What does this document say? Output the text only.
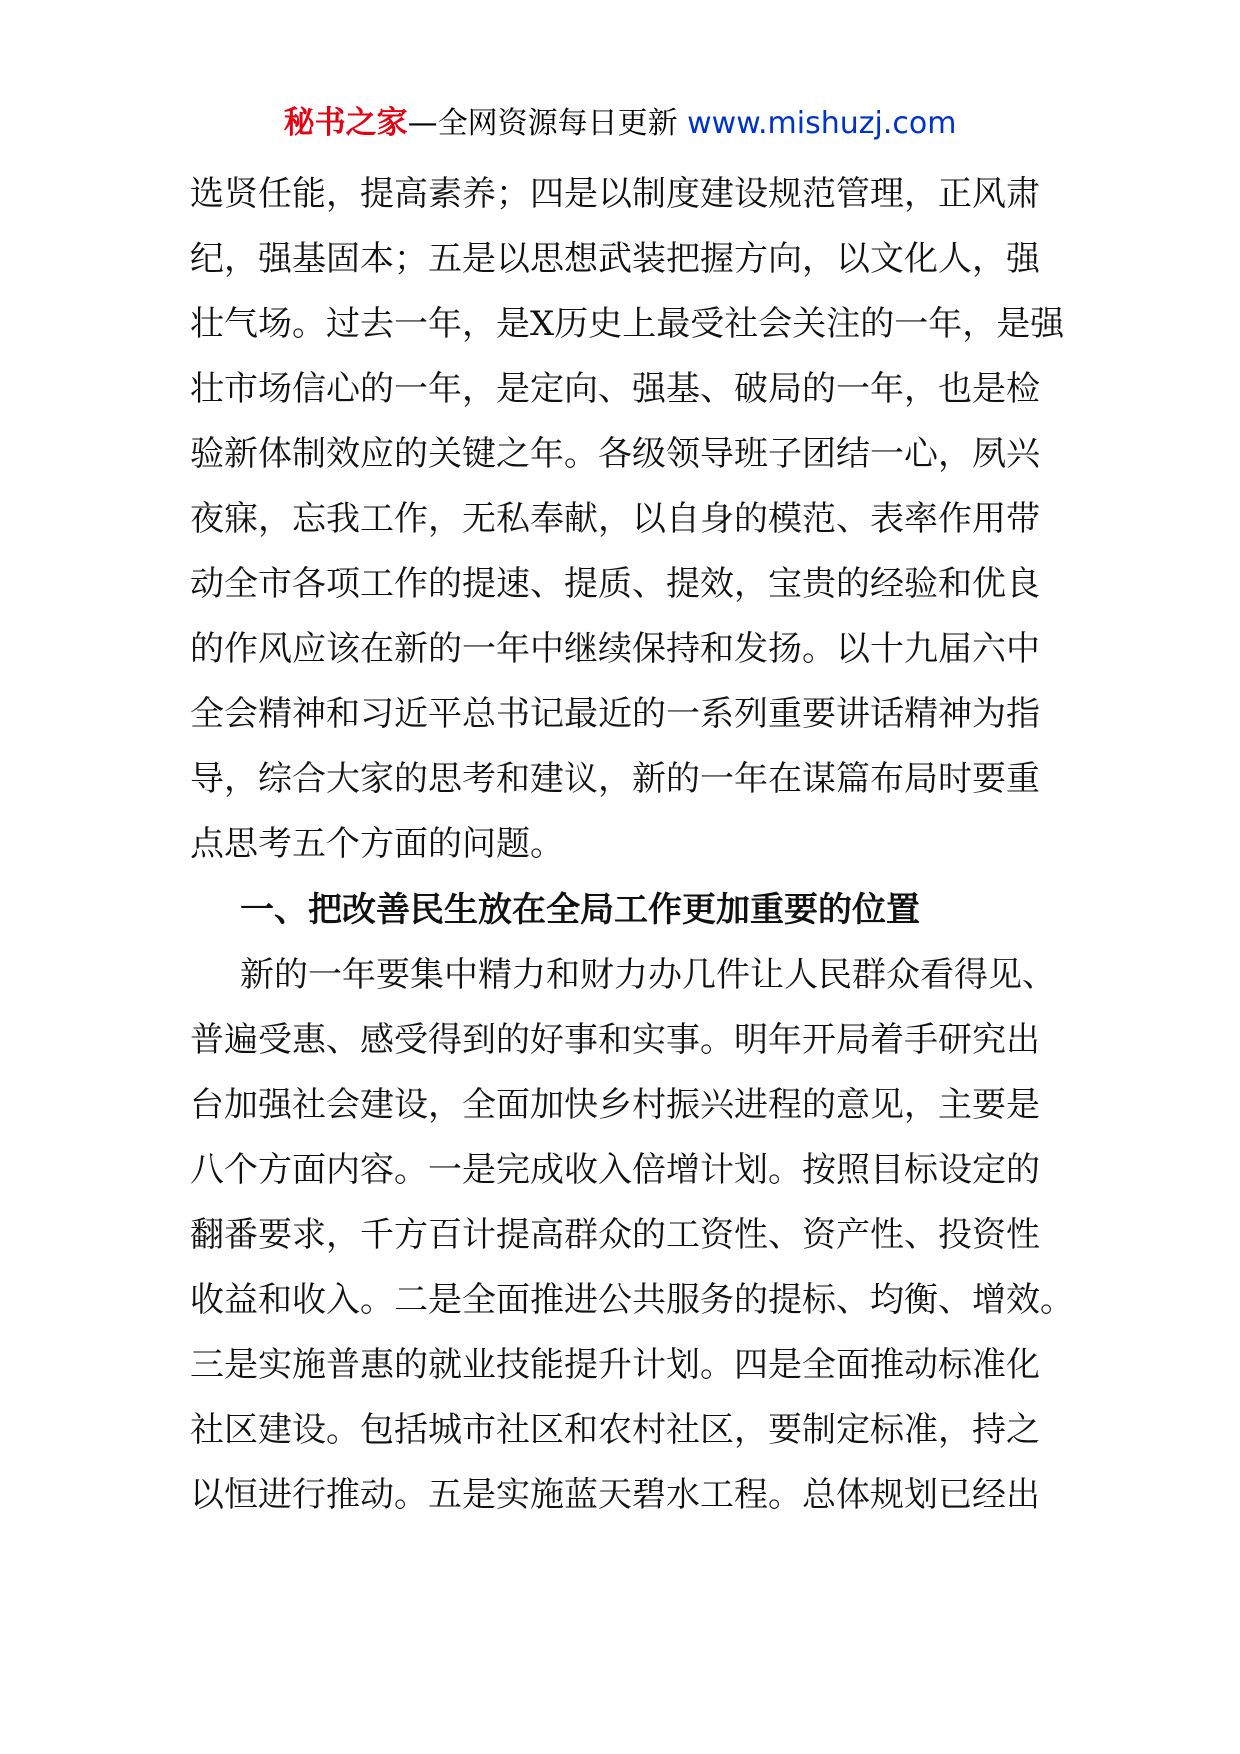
秘书之家—全网资源每日更新 www.mishuzj.com
选贤任能，提高素养；四是以制度建设规范管理，正风肃
纪，强基固本；五是以思想武装把握方向，以文化人，强
壮气场。过去一年，是X历史上最受社会关注的一年，是强
壮市场信心的一年，是定向、强基、破局的一年，也是检
验新体制效应的关键之年。各级领导班子团结一心，夙兴
夜寐，忘我工作，无私奉献，以自身的模范、表率作用带
动全市各项工作的提速、提质、提效，宝贵的经验和优良
的作风应该在新的一年中继续保持和发扬。以十九届六中
全会精神和习近平总书记最近的一系列重要讲话精神为指
导，综合大家的思考和建议，新的一年在谋篇布局时要重
点思考五个方面的问题。
一、把改善民生放在全局工作更加重要的位置
新的一年要集中精力和财力办几件让人民群众看得见、
普遍受惠、感受得到的好事和实事。明年开局着手研究出
台加强社会建设，全面加快乡村振兴进程的意见，主要是
八个方面内容。一是完成收入倍增计划。按照目标设定的
翻番要求，千方百计提高群众的工资性、资产性、投资性
收益和收入。二是全面推进公共服务的提标、均衡、增效。
三是实施普惠的就业技能提升计划。四是全面推动标准化
社区建设。包括城市社区和农村社区，要制定标准，持之
以恒进行推动。五是实施蓝天碧水工程。总体规划已经出
